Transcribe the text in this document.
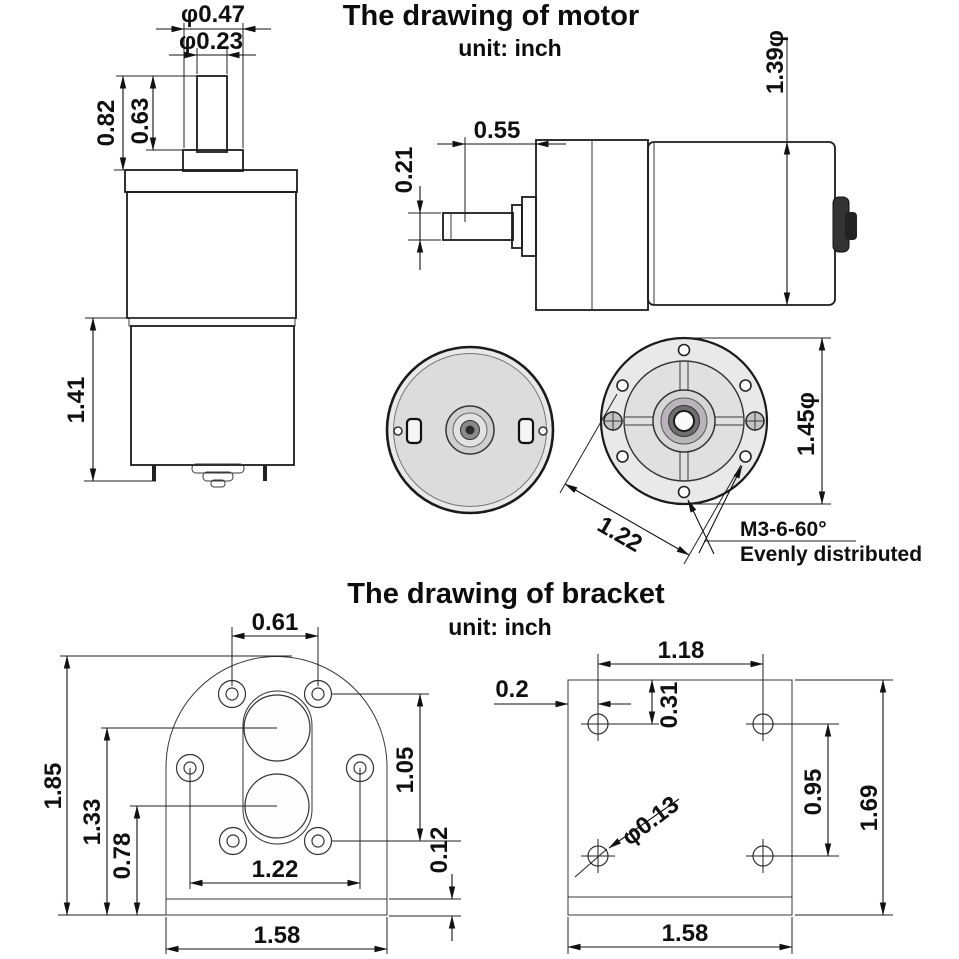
The drawing of motor
unit: inch
φ0.47
φ0.23
0.82 0.63
1.41
0.55
0.21
1.39φ
1.45φ
1.22	M3-6-60°
Evenly distributed
The drawing of bracket
unit: inch
0.61
1.85
1.33
0.78
1.05
0.12
1.22
1.58
1.18
0.2	0.31
0.95 1.69
φ0.13
1.58
